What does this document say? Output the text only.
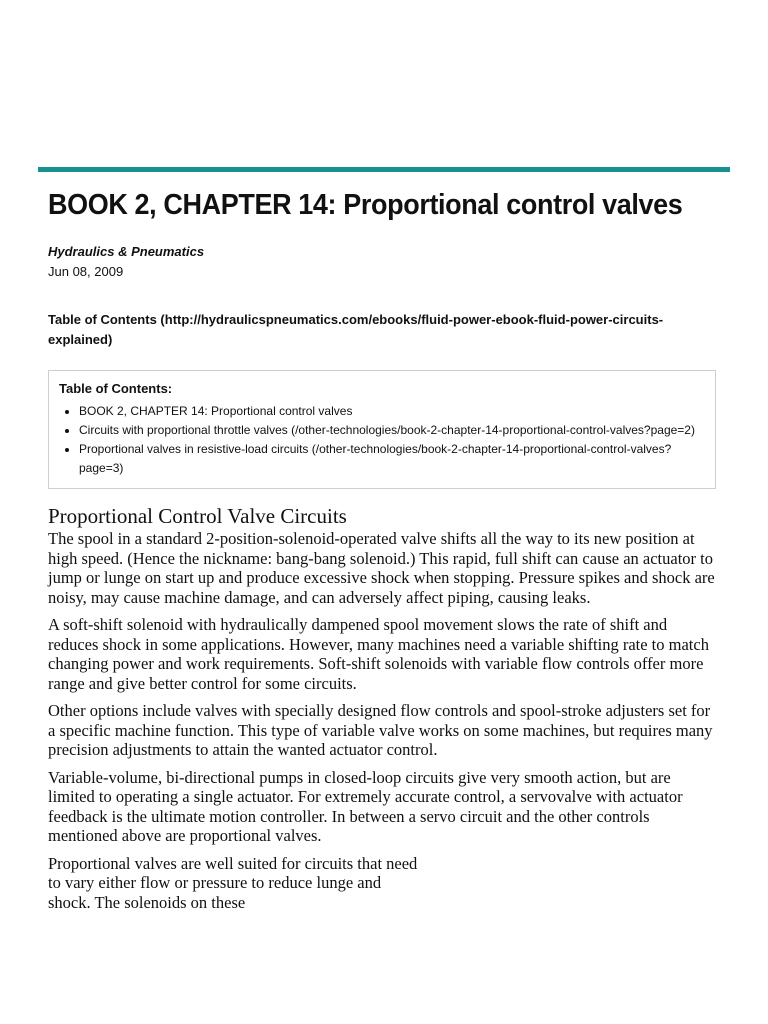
BOOK 2, CHAPTER 14: Proportional control valves
Hydraulics & Pneumatics
Jun 08, 2009
Table of Contents (http://hydraulicspneumatics.com/ebooks/fluid-power-ebook-fluid-power-circuits-explained)
Table of Contents:
• BOOK 2, CHAPTER 14: Proportional control valves
• Circuits with proportional throttle valves (/other-technologies/book-2-chapter-14-proportional-control-valves?page=2)
• Proportional valves in resistive-load circuits (/other-technologies/book-2-chapter-14-proportional-control-valves?page=3)
Proportional Control Valve Circuits

The spool in a standard 2-position-solenoid-operated valve shifts all the way to its new position at high speed. (Hence the nickname: bang-bang solenoid.) This rapid, full shift can cause an actuator to jump or lunge on start up and produce excessive shock when stopping. Pressure spikes and shock are noisy, may cause machine damage, and can adversely affect piping, causing leaks.

A soft-shift solenoid with hydraulically dampened spool movement slows the rate of shift and reduces shock in some applications. However, many machines need a variable shifting rate to match changing power and work requirements. Soft-shift solenoids with variable flow controls offer more range and give better control for some circuits.

Other options include valves with specially designed flow controls and spool-stroke adjusters set for a specific machine function. This type of variable valve works on some machines, but requires many precision adjustments to attain the wanted actuator control.

Variable-volume, bi-directional pumps in closed-loop circuits give very smooth action, but are limited to operating a single actuator. For extremely accurate control, a servovalve with actuator feedback is the ultimate motion controller. In between a servo circuit and the other controls mentioned above are proportional valves.

Proportional valves are well suited for circuits that need to vary either flow or pressure to reduce lunge and shock. The solenoids on these
